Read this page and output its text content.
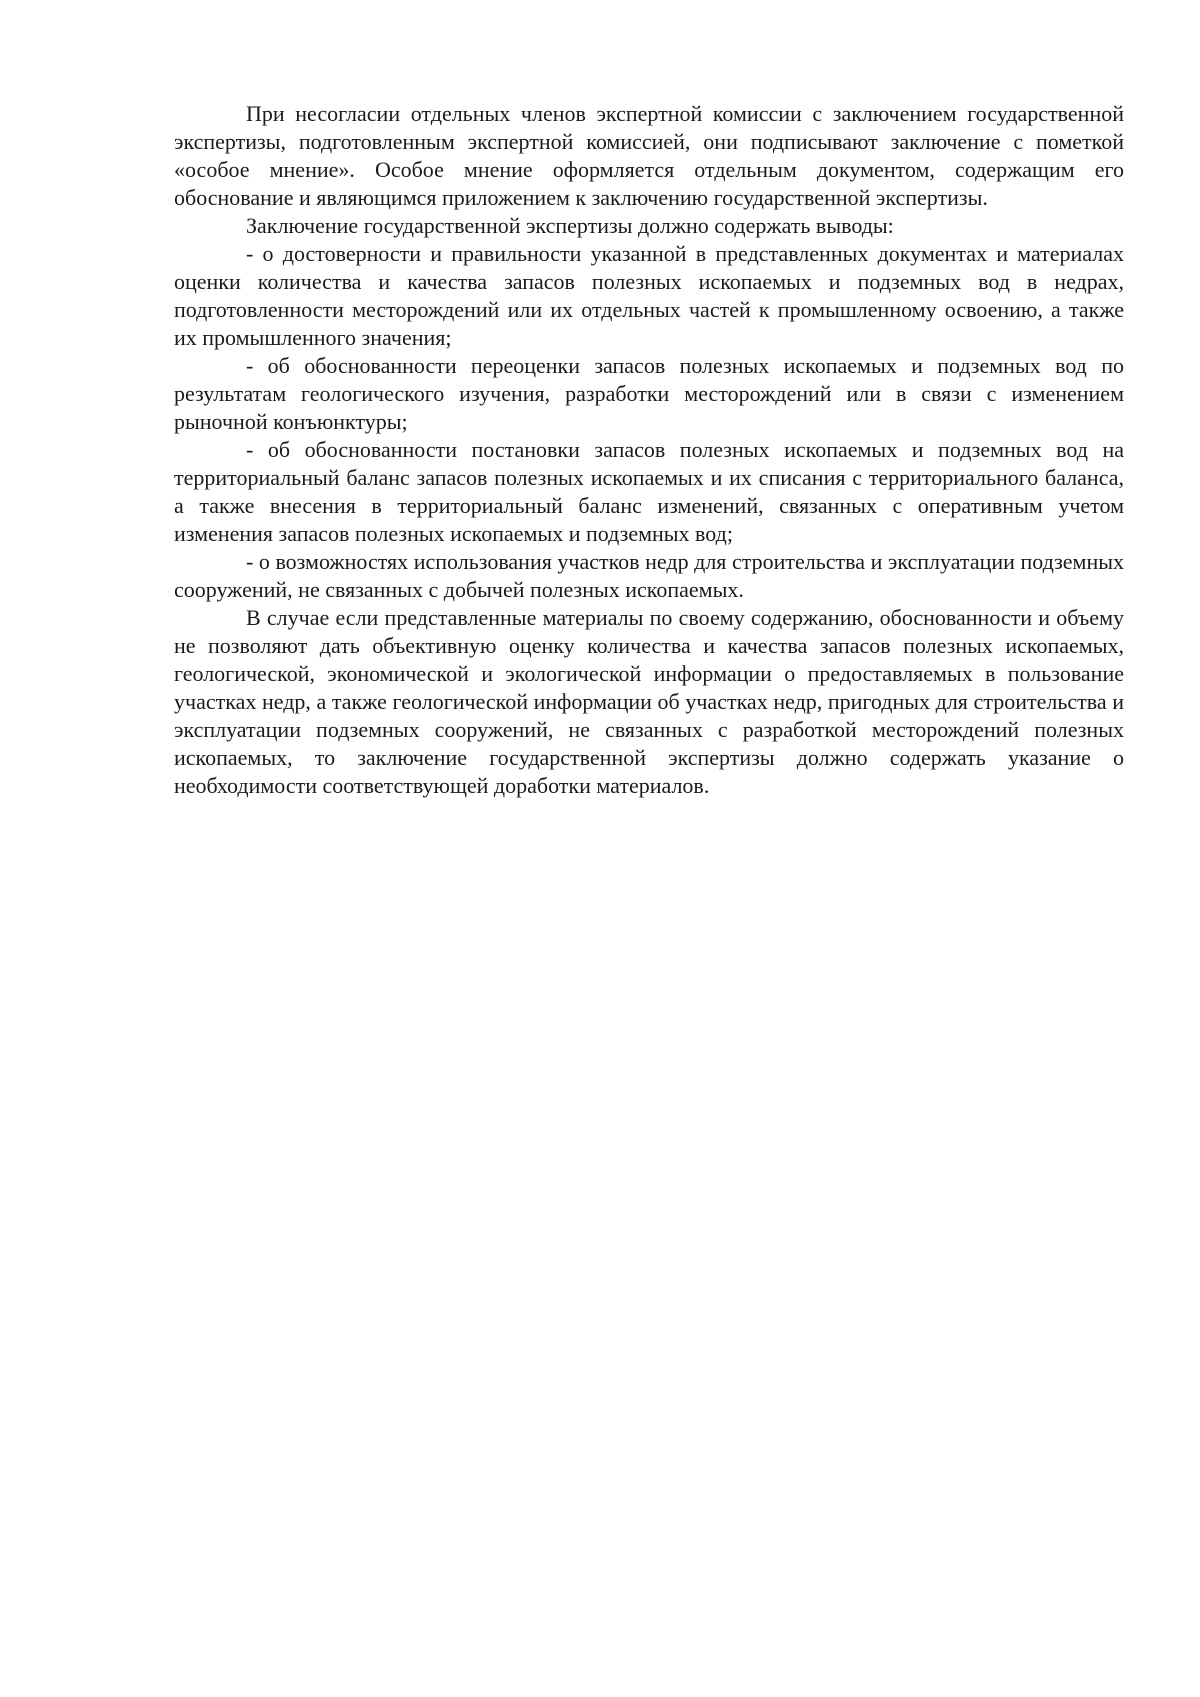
При несогласии отдельных членов экспертной комиссии с заключением государственной экспертизы, подготовленным экспертной комиссией, они подписывают заключение с пометкой «особое мнение». Особое мнение оформляется отдельным документом, содержащим его обоснование и являющимся приложением к заключению государственной экспертизы.

Заключение государственной экспертизы должно содержать выводы:

- о достоверности и правильности указанной в представленных документах и материалах оценки количества и качества запасов полезных ископаемых и подземных вод в недрах, подготовленности месторождений или их отдельных частей к промышленному освоению, а также их промышленного значения;

- об обоснованности переоценки запасов полезных ископаемых и подземных вод по результатам геологического изучения, разработки месторождений или в связи с изменением рыночной конъюнктуры;

- об обоснованности постановки запасов полезных ископаемых и подземных вод на территориальный баланс запасов полезных ископаемых и их списания с территориального баланса, а также внесения в территориальный баланс изменений, связанных с оперативным учетом изменения запасов полезных ископаемых и подземных вод;

- о возможностях использования участков недр для строительства и эксплуатации подземных сооружений, не связанных с добычей полезных ископаемых.

В случае если представленные материалы по своему содержанию, обоснованности и объему не позволяют дать объективную оценку количества и качества запасов полезных ископаемых, геологической, экономической и экологической информации о предоставляемых в пользование участках недр, а также геологической информации об участках недр, пригодных для строительства и эксплуатации подземных сооружений, не связанных с разработкой месторождений полезных ископаемых, то заключение государственной экспертизы должно содержать указание о необходимости соответствующей доработки материалов.
